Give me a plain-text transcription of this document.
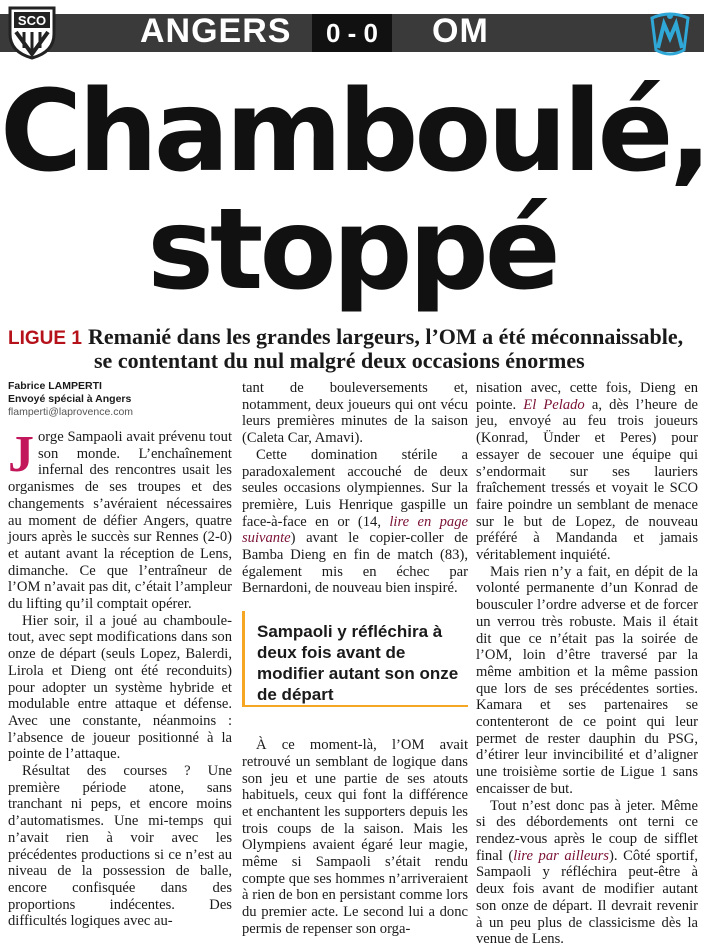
SCO	ANGERS	0 - 0	OM
Chamboulé,
stoppé
LIGUE 1 Remanié dans les grandes largeurs, l’OM a été méconnaissable,
se contentant du nul malgré deux occasions énormes
Fabrice LAMPERTI
Envoyé spécial à Angers
flamperti@laprovence.com

Jorge Sampaoli avait prévenu tout son monde. L’enchaînement infernal des rencontres usait les organismes de ses troupes et des changements s’avéraient nécessaires au moment de défier Angers, quatre jours après le succès sur Rennes (2-0) et autant avant la réception de Lens, dimanche. Ce que l’entraîneur de l’OM n’avait pas dit, c’était l’ampleur du lifting qu’il comptait opérer.

Hier soir, il a joué au chamboule-tout, avec sept modifications dans son onze de départ (seuls Lopez, Balerdi, Lirola et Dieng ont été reconduits) pour adopter un système hybride et modulable entre attaque et défense. Avec une constante, néanmoins : l’absence de joueur positionné à la pointe de l’attaque.

Résultat des courses ? Une première période atone, sans tranchant ni peps, et encore moins d’automatismes. Une mi-temps qui n’avait rien à voir avec les précédentes productions si ce n’est au niveau de la possession de balle, encore confisquée dans des proportions indécentes. Des difficultés logiques avec au-

tant de bouleversements et, notamment, deux joueurs qui ont vécu leurs premières minutes de la saison (Caleta Car, Amavi).

Cette domination stérile a paradoxalement accouché de deux seules occasions olympiennes. Sur la première, Luis Henrique gaspille un face-à-face en or (14, lire en page suivante) avant le copier-coller de Bamba Dieng en fin de match (83), également mis en échec par Bernardoni, de nouveau bien inspiré.

Sampaoli y réfléchira à deux fois avant de modifier autant son onze de départ

À ce moment-là, l’OM avait retrouvé un semblant de logique dans son jeu et une partie de ses atouts habituels, ceux qui font la différence et enchantent les supporters depuis les trois coups de la saison. Mais les Olympiens avaient égaré leur magie, même si Sampaoli s’était rendu compte que ses hommes n’arriveraient à rien de bon en persistant comme lors du premier acte. Le second lui a donc permis de repenser son orga-

nisation avec, cette fois, Dieng en pointe. El Pelado a, dès l’heure de jeu, envoyé au feu trois joueurs (Konrad, Ünder et Peres) pour essayer de secouer une équipe qui s’endormait sur ses lauriers fraîchement tressés et voyait le SCO faire poindre un semblant de menace sur le but de Lopez, de nouveau préféré à Mandanda et jamais véritablement inquiété.

Mais rien n’y a fait, en dépit de la volonté permanente d’un Konrad de bousculer l’ordre adverse et de forcer un verrou très robuste. Mais il était dit que ce n’était pas la soirée de l’OM, loin d’être traversé par la même ambition et la même passion que lors de ses précédentes sorties. Kamara et ses partenaires se contenteront de ce point qui leur permet de rester dauphin du PSG, d’étirer leur invincibilité et d’aligner une troisième sortie de Ligue 1 sans encaisser de but.

Tout n’est donc pas à jeter. Même si des débordements ont terni ce rendez-vous après le coup de sifflet final (lire par ailleurs). Côté sportif, Sampaoli y réfléchira peut-être à deux fois avant de modifier autant son onze de départ. Il devrait revenir à un peu plus de classicisme dès la venue de Lens.
